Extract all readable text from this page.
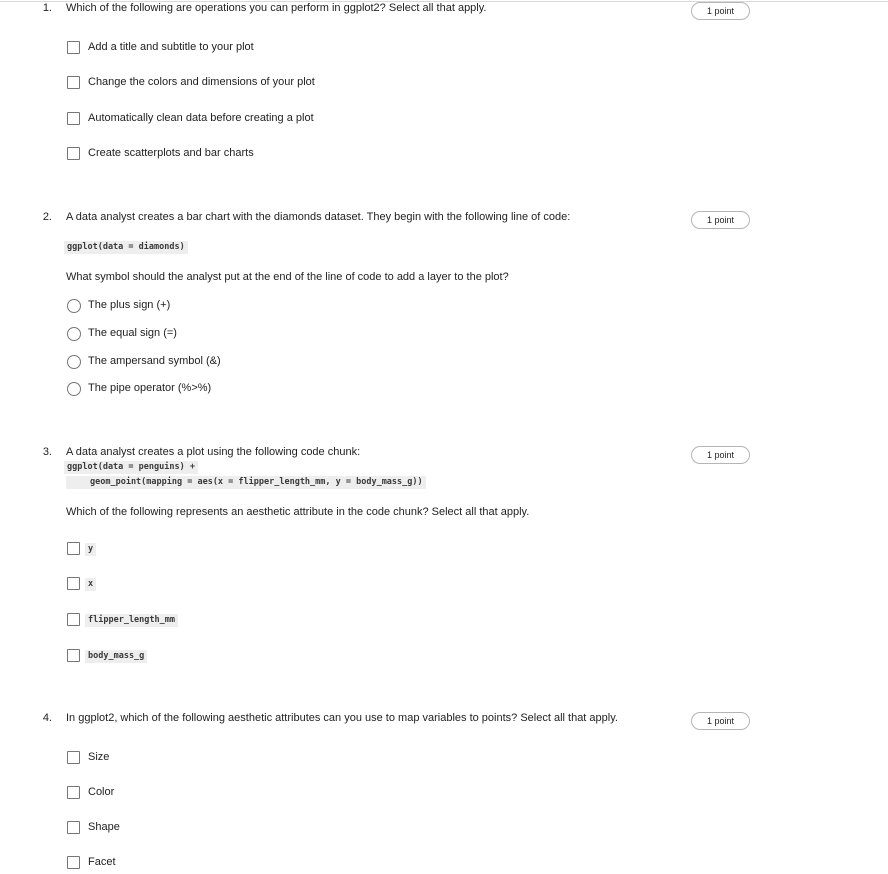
1. Which of the following are operations you can perform in ggplot2? Select all that apply.	1 point
Add a title and subtitle to your plot
Change the colors and dimensions of your plot
Automatically clean data before creating a plot
Create scatterplots and bar charts
2. A data analyst creates a bar chart with the diamonds dataset. They begin with the following line of code:	1 point
ggplot(data = diamonds)
What symbol should the analyst put at the end of the line of code to add a layer to the plot?
The plus sign (+)
The equal sign (=)
The ampersand symbol (&)
The pipe operator (%>%)
3. A data analyst creates a plot using the following code chunk:	1 point
ggplot(data = penguins) +
geom_point(mapping = aes(x = flipper_length_mm, y = body_mass_g))
Which of the following represents an aesthetic attribute in the code chunk? Select all that apply.
y
x
flipper_length_mm
body_mass_g
4. In ggplot2, which of the following aesthetic attributes can you use to map variables to points? Select all that apply.	1 point
Size
Color
Shape
Facet
